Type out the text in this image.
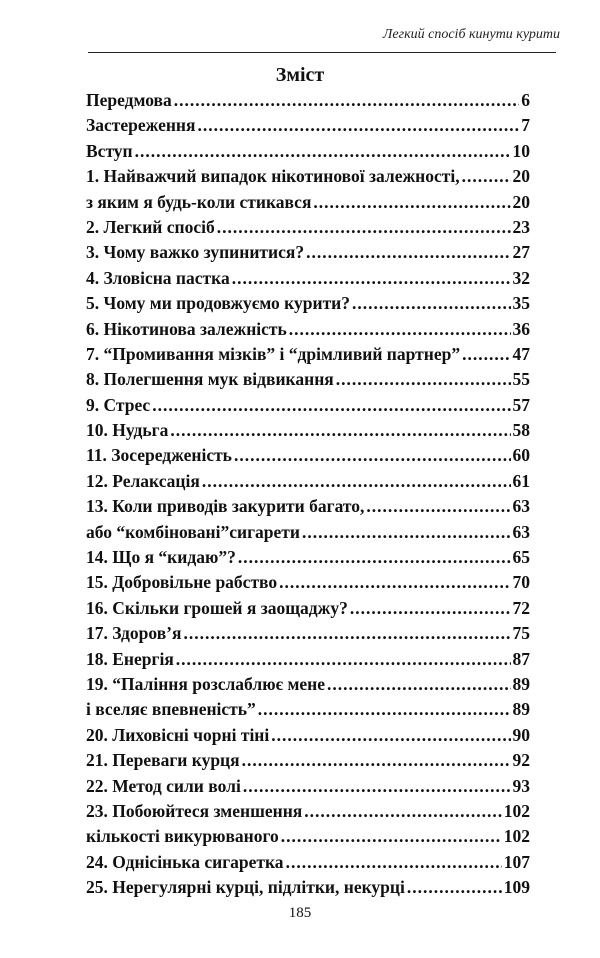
Легкий спосіб кинути курити
Зміст
Передмова .....	6
Застереження .....	7
Вступ .....	10
1. Найважчий випадок нікотинової залежності, .....	20
з яким я будь-коли стикався .....	20
2. Легкий спосіб .....	23
3. Чому важко зупинитися? .....	27
4. Зловісна пастка .....	32
5. Чому ми продовжуємо курити? .....	35
6. Нікотинова залежність .....	36
7. “Промивання мізків” і “дрімливий партнер” .....	47
8. Полегшення мук відвикання .....	55
9. Стрес .....	57
10. Нудьга .....	58
11. Зосередженість .....	60
12. Релаксація .....	61
13. Коли приводів закурити багато, .....	63
або “комбіновані”сигарети .....	63
14. Що я “кидаю”? .....	65
15. Добровільне рабство .....	70
16. Скільки грошей я заощаджу? .....	72
17. Здоров’я .....	75
18. Енергія .....	87
19. “Паління розслаблює мене .....	89
і вселяє впевненість” .....	89
20. Лиховісні чорні тіні .....	90
21. Переваги курця .....	92
22. Метод сили волі .....	93
23. Побоюйтеся зменшення .....	102
кількості викурюваного .....	102
24. Однісінька сигаретка .....	107
25. Нерегулярні курці, підлітки, некурці .....	109
185
